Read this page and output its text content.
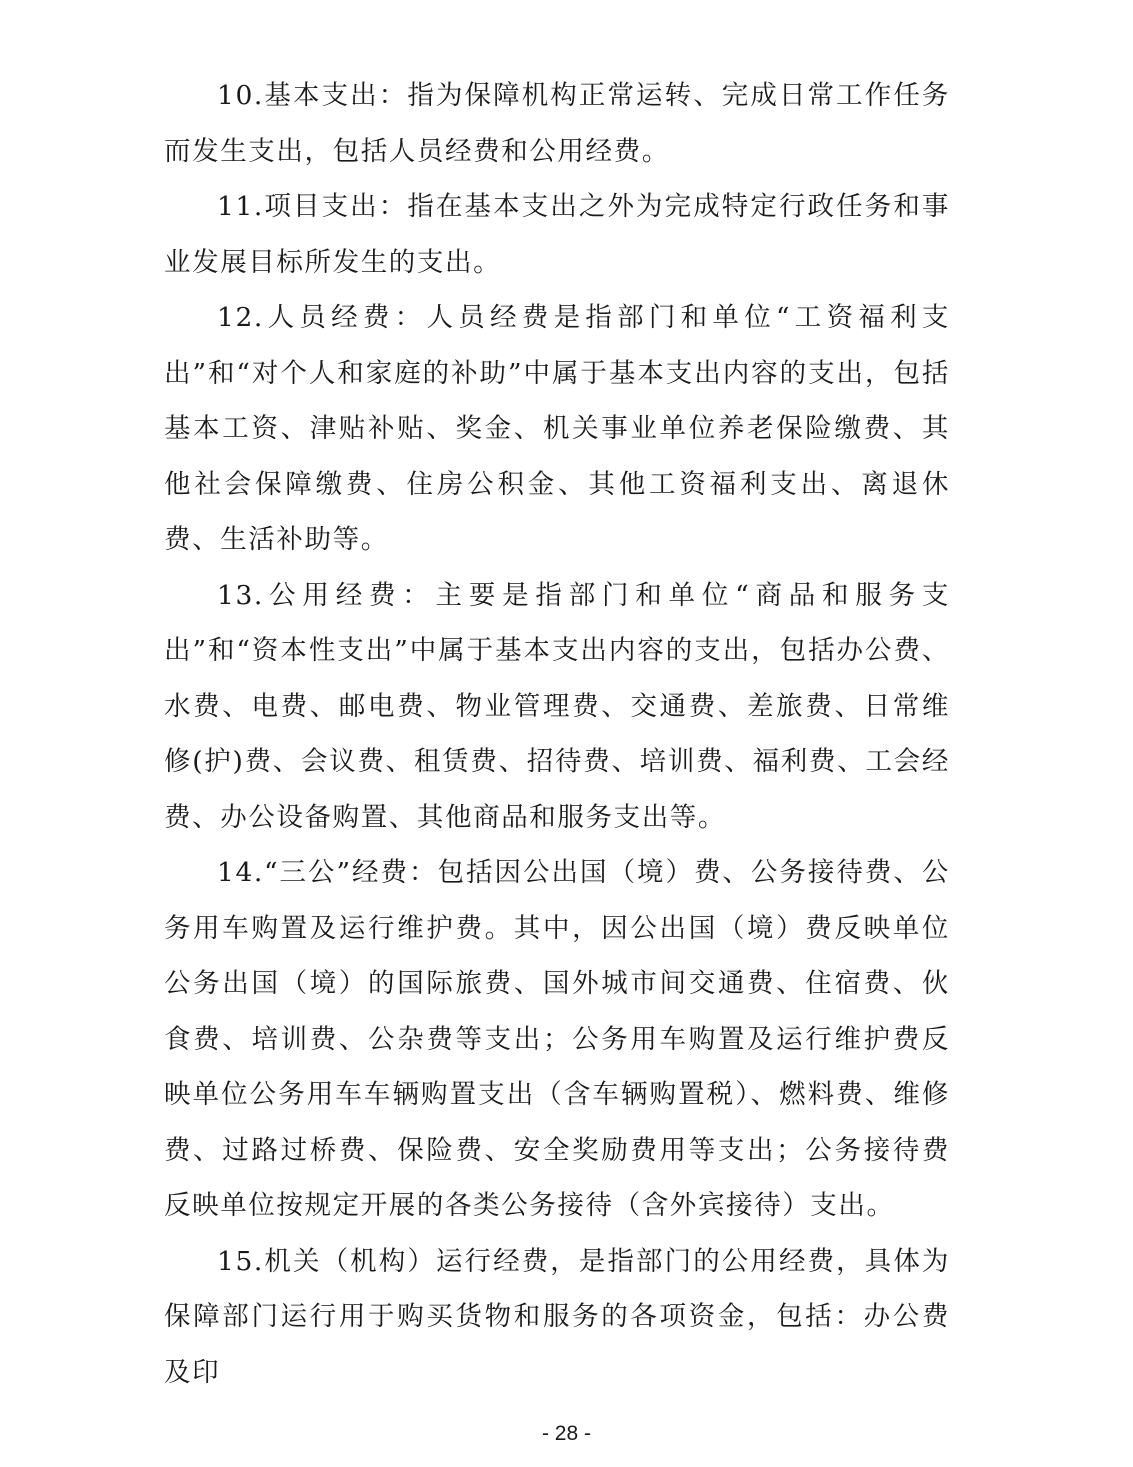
10.基本支出：指为保障机构正常运转、完成日常工作任务而发生支出，包括人员经费和公用经费。

11.项目支出：指在基本支出之外为完成特定行政任务和事业发展目标所发生的支出。

12.人员经费：人员经费是指部门和单位“工资福利支出”和“对个人和家庭的补助”中属于基本支出内容的支出，包括基本工资、津贴补贴、奖金、机关事业单位养老保险缴费、其他社会保障缴费、住房公积金、其他工资福利支出、离退休费、生活补助等。

13.公用经费：主要是指部门和单位“商品和服务支出”和“资本性支出”中属于基本支出内容的支出，包括办公费、水费、电费、邮电费、物业管理费、交通费、差旅费、日常维修(护)费、会议费、租赁费、招待费、培训费、福利费、工会经费、办公设备购置、其他商品和服务支出等。

14.“三公”经费：包括因公出国（境）费、公务接待费、公务用车购置及运行维护费。其中，因公出国（境）费反映单位公务出国（境）的国际旅费、国外城市间交通费、住宿费、伙食费、培训费、公杂费等支出；公务用车购置及运行维护费反映单位公务用车车辆购置支出（含车辆购置税）、燃料费、维修费、过路过桥费、保险费、安全奖励费用等支出；公务接待费反映单位按规定开展的各类公务接待（含外宾接待）支出。

15.机关（机构）运行经费，是指部门的公用经费，具体为保障部门运行用于购买货物和服务的各项资金，包括：办公费及印

- 28 -
